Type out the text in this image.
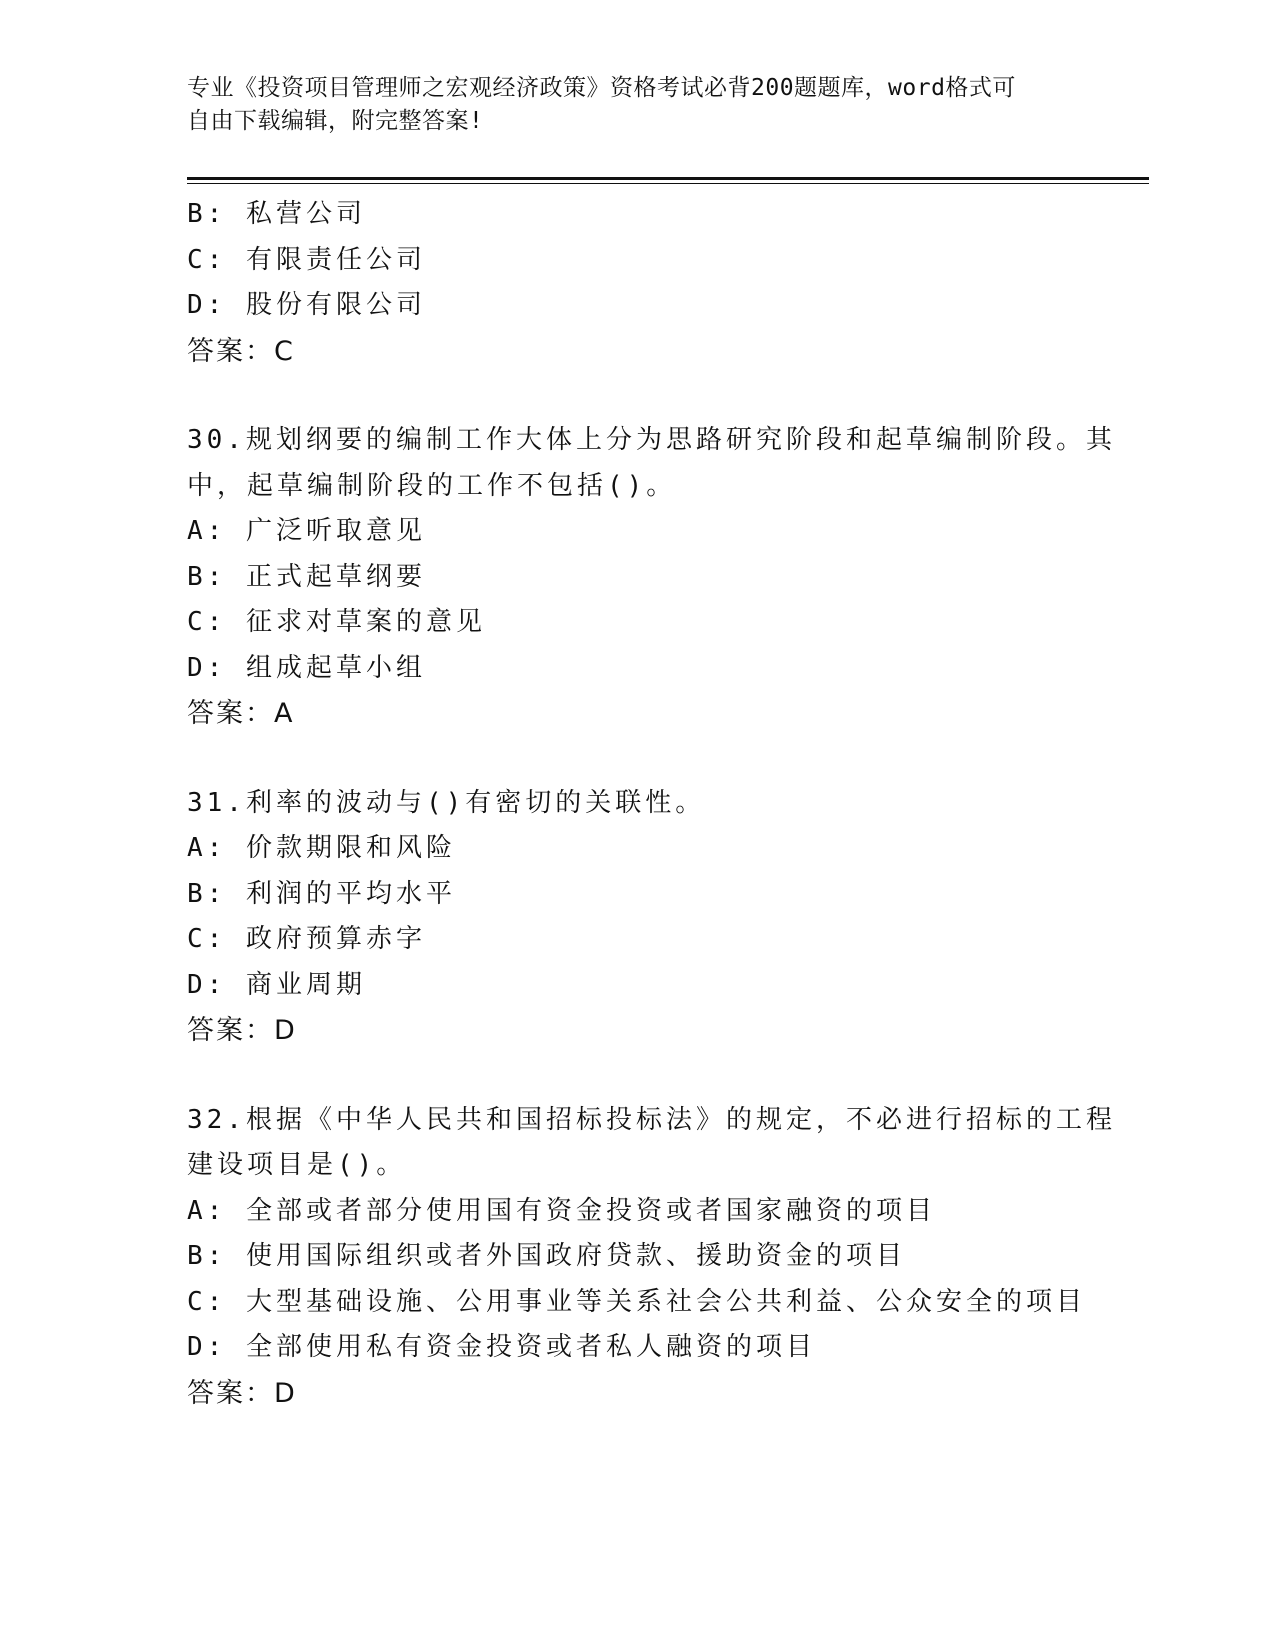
专业《投资项目管理师之宏观经济政策》资格考试必背200题题库，word格式可
自由下载编辑，附完整答案!
B: 私营公司
C: 有限责任公司
D: 股份有限公司
答案：C
30.规划纲要的编制工作大体上分为思路研究阶段和起草编制阶段。其
中，起草编制阶段的工作不包括()。
A: 广泛听取意见
B: 正式起草纲要
C: 征求对草案的意见
D: 组成起草小组
答案：A
31.利率的波动与()有密切的关联性。
A: 价款期限和风险
B: 利润的平均水平
C: 政府预算赤字
D: 商业周期
答案：D
32.根据《中华人民共和国招标投标法》的规定，不必进行招标的工程
建设项目是()。
A: 全部或者部分使用国有资金投资或者国家融资的项目
B: 使用国际组织或者外国政府贷款、援助资金的项目
C: 大型基础设施、公用事业等关系社会公共利益、公众安全的项目
D: 全部使用私有资金投资或者私人融资的项目
答案：D
